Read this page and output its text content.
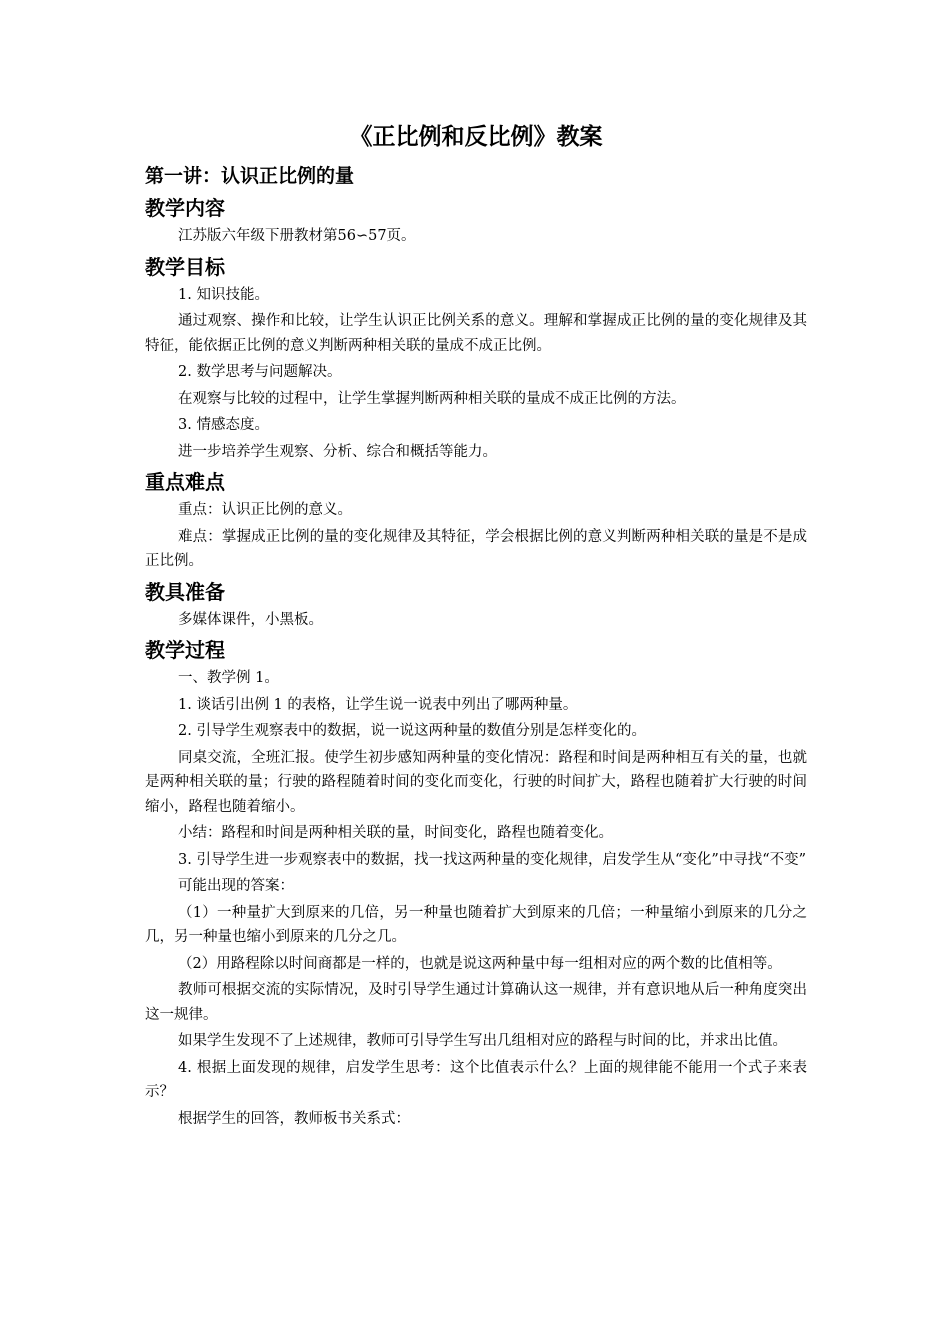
《正比例和反比例》教案
第一讲：认识正比例的量
教学内容

江苏版六年级下册教材第56∽57页。

教学目标

1. 知识技能。

通过观察、操作和比较，让学生认识正比例关系的意义。理解和掌握成正比例的量的变化规律及其特征，能依据正比例的意义判断两种相关联的量成不成正比例。

2. 数学思考与问题解决。

在观察与比较的过程中，让学生掌握判断两种相关联的量成不成正比例的方法。

3. 情感态度。

进一步培养学生观察、分析、综合和概括等能力。

重点难点

重点：认识正比例的意义。

难点：掌握成正比例的量的变化规律及其特征，学会根据比例的意义判断两种相关联的量是不是成正比例。

教具准备

多媒体课件，小黑板。

教学过程

一、教学例 1。

1. 谈话引出例 1 的表格，让学生说一说表中列出了哪两种量。

2. 引导学生观察表中的数据，说一说这两种量的数值分别是怎样变化的。

同桌交流，全班汇报。使学生初步感知两种量的变化情况：路程和时间是两种相互有关的量，也就是两种相关联的量；行驶的路程随着时间的变化而变化，行驶的时间扩大，路程也随着扩大行驶的时间缩小，路程也随着缩小。

小结：路程和时间是两种相关联的量，时间变化，路程也随着变化。

3. 引导学生进一步观察表中的数据，找一找这两种量的变化规律，启发学生从“变化”中寻找“不变”

可能出现的答案：

（1）一种量扩大到原来的几倍，另一种量也随着扩大到原来的几倍；一种量缩小到原来的几分之几，另一种量也缩小到原来的几分之几。

（2）用路程除以时间商都是一样的，也就是说这两种量中每一组相对应的两个数的比值相等。

教师可根据交流的实际情况，及时引导学生通过计算确认这一规律，并有意识地从后一种角度突出这一规律。

如果学生发现不了上述规律，教师可引导学生写出几组相对应的路程与时间的比，并求出比值。

4. 根据上面发现的规律，启发学生思考：这个比值表示什么？上面的规律能不能用一个式子来表示？

根据学生的回答，教师板书关系式：
